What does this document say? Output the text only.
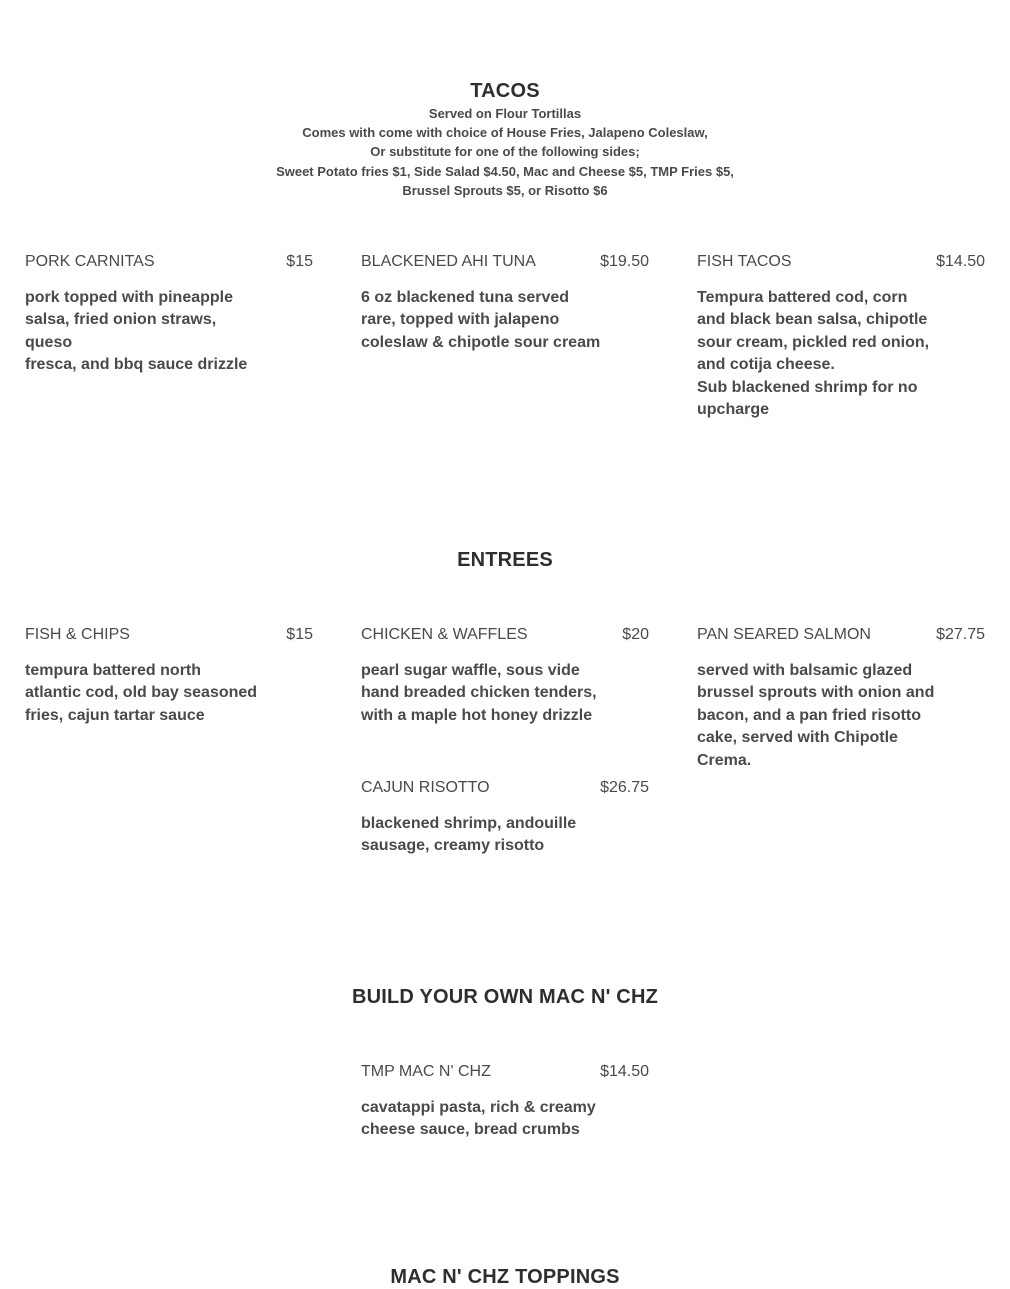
TACOS
Served on Flour Tortillas
Comes with come with choice of House Fries, Jalapeno Coleslaw,
Or substitute for one of the following sides;
Sweet Potato fries $1, Side Salad $4.50, Mac and Cheese $5, TMP Fries $5,
Brussel Sprouts $5, or Risotto $6
PORK CARNITAS	$15
pork topped with pineapple
salsa, fried onion straws, queso
fresca, and bbq sauce drizzle
BLACKENED AHI TUNA	$19.50
6 oz blackened tuna served
rare, topped with jalapeno
coleslaw & chipotle sour cream
FISH TACOS	$14.50
Tempura battered cod, corn
and black bean salsa, chipotle
sour cream, pickled red onion,
and cotija cheese.
Sub blackened shrimp for no
upcharge
ENTREES
FISH & CHIPS	$15
tempura battered north
atlantic cod, old bay seasoned
fries, cajun tartar sauce
CHICKEN & WAFFLES	$20
pearl sugar waffle, sous vide
hand breaded chicken tenders,
with a maple hot honey drizzle
PAN SEARED SALMON	$27.75
served with balsamic glazed
brussel sprouts with onion and
bacon, and a pan fried risotto
cake, served with Chipotle
Crema.
CAJUN RISOTTO	$26.75
blackened shrimp, andouille
sausage, creamy risotto
BUILD YOUR OWN MAC N' CHZ
TMP MAC N' CHZ	$14.50
cavatappi pasta, rich & creamy
cheese sauce, bread crumbs
MAC N' CHZ TOPPINGS
